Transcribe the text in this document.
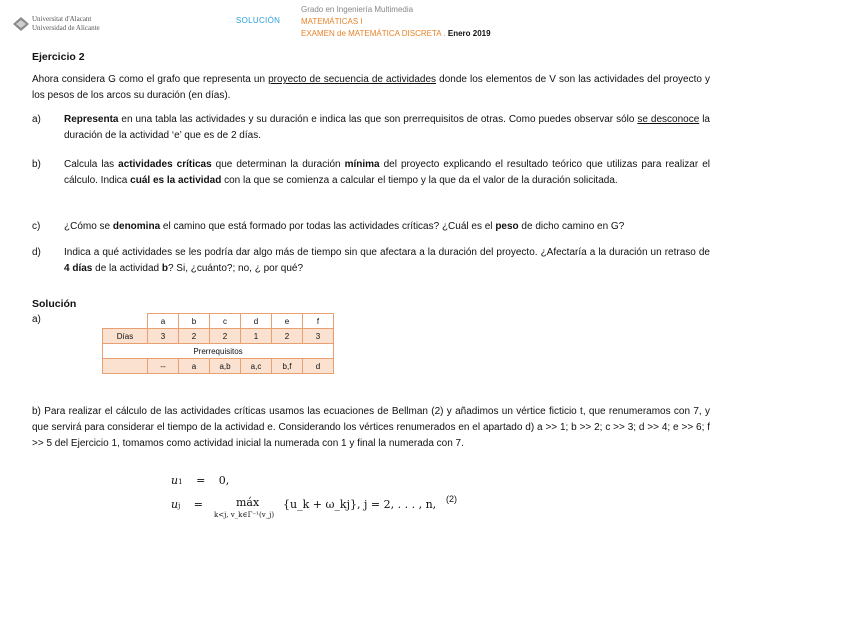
Universitat d'Alacant
Universidad de Alicante
SOLUCIÓN
Grado en Ingeniería Multimedia
MATEMÁTICAS I
EXAMEN de MATEMÁTICA DISCRETA . Enero 2019
Ejercicio 2
Ahora considera G como el grafo que representa un proyecto de secuencia de actividades donde los elementos de V son las actividades del proyecto y los pesos de los arcos su duración (en días).
a) Representa en una tabla las actividades y su duración e indica las que son prerrequisitos de otras. Como puedes observar sólo se desconoce la duración de la actividad ‘e’ que es de 2 días.
b) Calcula las actividades críticas que determinan la duración mínima del proyecto explicando el resultado teórico que utilizas para realizar el cálculo. Indica cuál es la actividad con la que se comienza a calcular el tiempo y la que da el valor de la duración solicitada.
c) ¿Cómo se denomina el camino que está formado por todas las actividades críticas? ¿Cuál es el peso de dicho camino en G?
d) Indica a qué actividades se les podría dar algo más de tiempo sin que afectara a la duración del proyecto. ¿Afectaría a la duración un retraso de 4 días de la actividad b? Si, ¿cuánto?; no, ¿ por qué?
Solución
a)
		a	b	c	d	e	f
Días	3	2	2	1	2	3
Prerrequisitos						
	--	a	a,b	a,c	b,f	d
b) Para realizar el cálculo de las actividades críticas usamos las ecuaciones de Bellman (2) y añadimos un vértice ficticio t, que renumeramos con 7, y que servirá para considerar el tiempo de la actividad e. Considerando los vértices renumerados en el apartado d) a >> 1; b >> 2; c >> 3; d >> 4; e >> 6; f >> 5 del Ejercicio 1, tomamos como actividad inicial la numerada con 1 y final la numerada con 7.
u1 = 0,
uj =	máx
k<j, v_k∈Γ⁻¹(v_j)
{u_k + ω_kj}, j = 2, . . . , n, (2)
